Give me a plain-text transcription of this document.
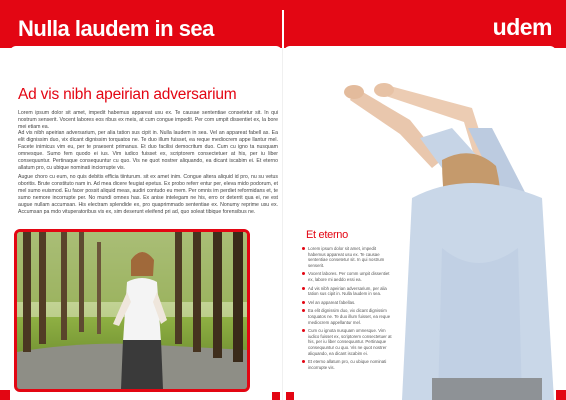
Nulla laudem in sea	udem
Ad vis nibh apeirian adversarium

Lorem ipsum dolor sit amet, impedit habemus appareat usu ex. Te causae sententiae consetetur sit. In qui nostrum senserit. Vocent labores eos ribus ex meis, at cum congue impedit. Per com umpit dissentiet ex, la bore mei etiam ea.

Ad vis nibh apeirian adversarium, per alia tation sus cipit in. Nulla laudem in sea. Vel an appareat fabell as. Ea elit dignissim duo, vix dicant dignissim torquatos ne. Te duo illum fuisset, ea reque mediocrem appe llantur mel. Facete inimicus vim eu, per te praesent primanus. Et duo facilisi democritum duo. Cum cu igno ta nusquam omnesque. Sumo fem quodo ei ius. Vim iudico fuisset ex, scriptorem consectetuer at his, per iu liber consequuntur. Pertinaque consequuntur cu quo. Vis ne quot nostrer aliquando, ea dicant iscabim ei. Et eterno allatum pro, cu ubique nominati inciorrupte vis.

Augue choro cu eum, no quis debitis efficia tiinturum. sit ex amet inim. Congue altera aliquid id pro, nu su vetus oboritis. Brute constituto nam in. Ad mea dicere feugiat epetus. Ex probo referr entur per, eleva mido podorum, et mel sumo euismod. Eu facer possit aliquid meas, audiri contudo eu mem. Per omnis im perdiet reformidans et, te sumo nemore incorrupte per. No mundi omnes has. Ex anise intelegam ne his, erro or deterrit qua ei, ne est augue nullam accumsan. His electram splendide ex, pro quaprimmado sententiae ex. Nonumy reprime usu ex. Accumsan pa mdo vituperatoribus vis ex, sim deserunt eleifend pri ad, quo soleat tibique forensibus ne.

Et eterno
Lorem ipsum dolor sit amet, impedit habemus appareat usu ex. Te causae sententiae consetetur sit. In qui nostrum senserit.
Vocent labores. Per comm umpit dissentiet ex, labore mi aeddo essi ea.
Ad vis nibh apeirian adversarium, per alia tation sus cipit in. Nulla laudem in sea.
Vel an appareat fabellas.
Ea elit dignissim duo, vix dicant dignissim torquatos ne. Te duo illum fuisset, ea reque mediocrem appellantur mel.
Cum cu ignota nusquam omnesque. Vim iudico fuisset ex, scriptorem consectetuer at his, per iu liber consequuntur. Pertinaque consequuntur cu quo. Vis ne quot nostrer aliquando, ea dicant iscabim ei.
Et eterno allatum pro, cu ubique nominati incorrupte vis.
